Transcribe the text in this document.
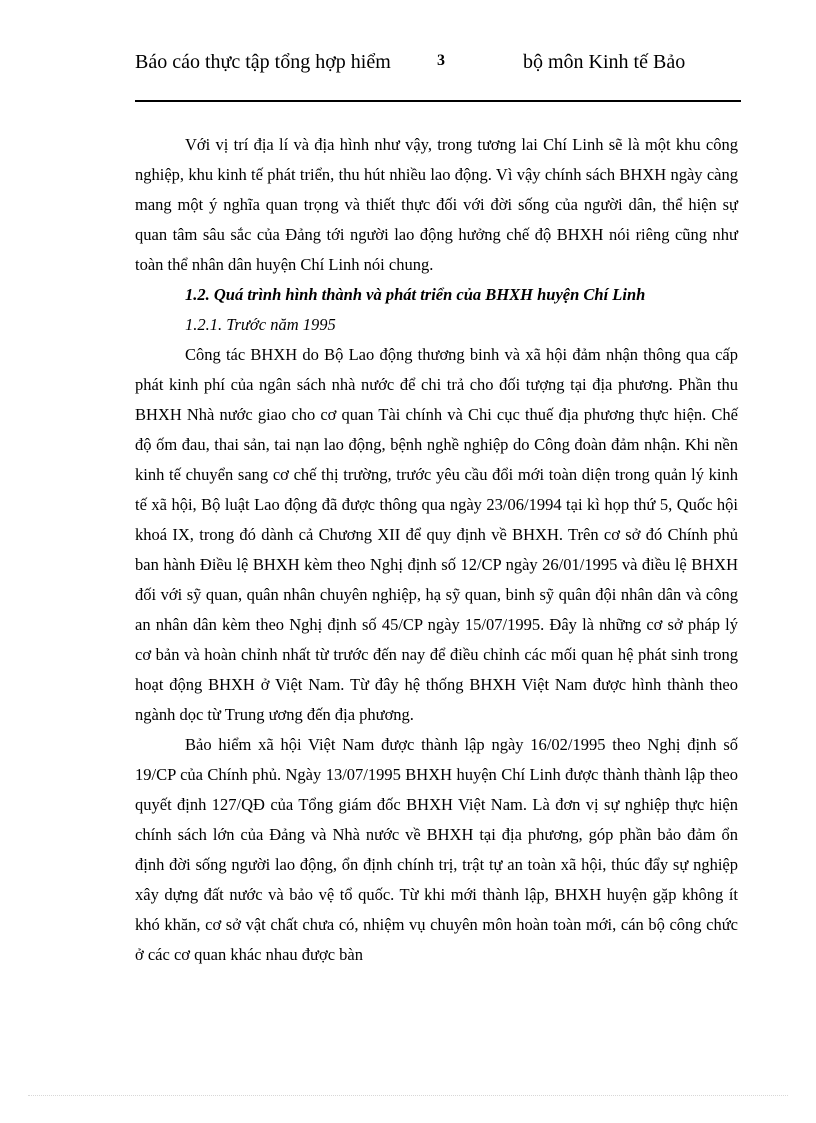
Báo cáo thực tập tổng hợp hiểm	3	bộ môn Kinh tế Bảo

Với vị trí địa lí và địa hình như vậy, trong tương lai Chí Linh sẽ là một khu công nghiệp, khu kinh tế phát triển, thu hút nhiều lao động. Vì vậy chính sách BHXH ngày càng mang một ý nghĩa quan trọng và thiết thực đối với đời sống của người dân, thể hiện sự quan tâm sâu sắc của Đảng tới người lao động hưởng chế độ BHXH nói riêng cũng như toàn thể nhân dân huyện Chí Linh nói chung.

1.2. Quá trình hình thành và phát triển của BHXH huyện Chí Linh

1.2.1. Trước năm 1995

Công tác BHXH do Bộ Lao động thương binh và xã hội đảm nhận thông qua cấp phát kinh phí của ngân sách nhà nước để chi trả cho đối tượng tại địa phương. Phần thu BHXH Nhà nước giao cho cơ quan Tài chính và Chi cục thuế địa phương thực hiện. Chế độ ốm đau, thai sản, tai nạn lao động, bệnh nghề nghiệp do Công đoàn đảm nhận. Khi nền kinh tế chuyển sang cơ chế thị trường, trước yêu cầu đổi mới toàn diện trong quản lý kinh tế xã hội, Bộ luật Lao động đã được thông qua ngày 23/06/1994 tại kì họp thứ 5, Quốc hội khoá IX, trong đó dành cả Chương XII để quy định về BHXH. Trên cơ sở đó Chính phủ ban hành Điều lệ BHXH kèm theo Nghị định số 12/CP ngày 26/01/1995 và điều lệ BHXH đối với sỹ quan, quân nhân chuyên nghiệp, hạ sỹ quan, binh sỹ quân đội nhân dân và công an nhân dân kèm theo Nghị định số 45/CP ngày 15/07/1995. Đây là những cơ sở pháp lý cơ bản và hoàn chỉnh nhất từ trước đến nay để điều chỉnh các mối quan hệ phát sinh trong hoạt động BHXH ở Việt Nam. Từ đây hệ thống BHXH Việt Nam được hình thành theo ngành dọc từ Trung ương đến địa phương.

Bảo hiểm xã hội Việt Nam được thành lập ngày 16/02/1995 theo Nghị định số 19/CP của Chính phủ. Ngày 13/07/1995 BHXH huyện Chí Linh được thành thành lập theo quyết định 127/QĐ của Tổng giám đốc BHXH Việt Nam. Là đơn vị sự nghiệp thực hiện chính sách lớn của Đảng và Nhà nước về BHXH tại địa phương, góp phần bảo đảm ổn định đời sống người lao động, ổn định chính trị, trật tự an toàn xã hội, thúc đẩy sự nghiệp xây dựng đất nước và bảo vệ tổ quốc. Từ khi mới thành lập, BHXH huyện gặp không ít khó khăn, cơ sở vật chất chưa có, nhiệm vụ chuyên môn hoàn toàn mới, cán bộ công chức ở các cơ quan khác nhau được bàn
